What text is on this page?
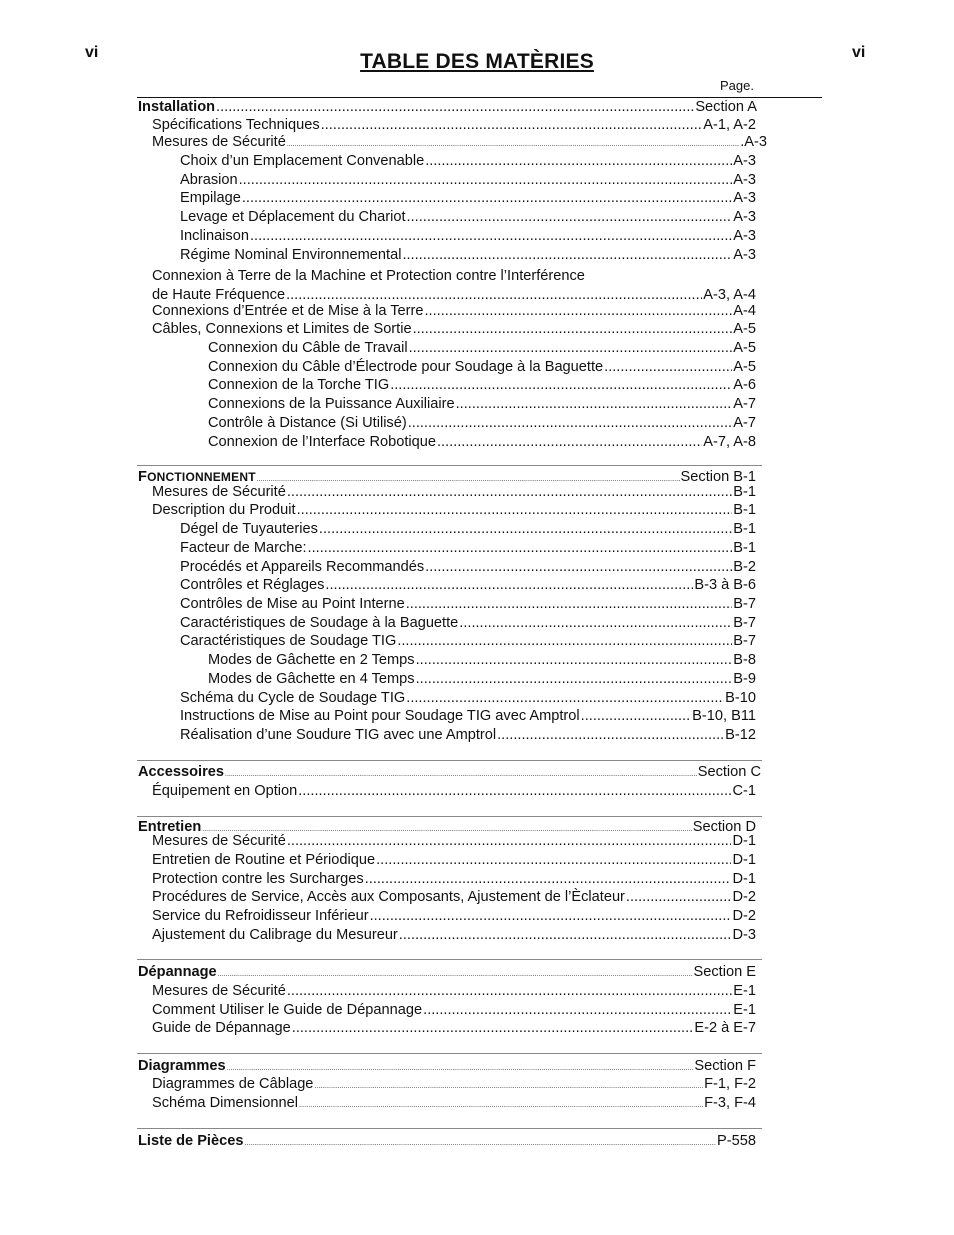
vi	vi
TABLE DES MATÈRIES
Page.
Installation .....	Section A
Spécifications Techniques .....	A-1, A-2
Mesures de Sécurité .....	.A-3
Choix d’un Emplacement Convenable .....	A-3
Abrasion .....	A-3
Empilage .....	A-3
Levage et Déplacement du Chariot .....	A-3
Inclinaison .....	A-3
Régime Nominal Environnemental .....	A-3
Connexion à Terre de la Machine et Protection contre l’Interférence
de Haute Fréquence .....	A-3, A-4
Connexions d’Entrée et de Mise à la Terre .....	A-4
Câbles, Connexions et Limites de Sortie .....	A-5
Connexion du Câble de Travail .....	A-5
Connexion du Câble d’Électrode pour Soudage à la Baguette .....	A-5
Connexion de la Torche TIG .....	A-6
Connexions de la Puissance Auxiliaire .....	A-7
Contrôle à Distance (Si Utilisé) .....	A-7
Connexion de l’Interface Robotique .....	A-7, A-8
FONCTIONNEMENT .....	Section B-1
Mesures de Sécurité .....	B-1
Description du Produit .....	B-1
Dégel de Tuyauteries .....	B-1
Facteur de Marche: .....	B-1
Procédés et Appareils Recommandés .....	B-2
Contrôles et Réglages .....	B-3 à B-6
Contrôles de Mise au Point Interne .....	B-7
Caractéristiques de Soudage à la Baguette .....	B-7
Caractéristiques de Soudage TIG .....	B-7
Modes de Gâchette en 2 Temps .....	B-8
Modes de Gâchette en 4 Temps .....	B-9
Schéma du Cycle de Soudage TIG .....	B-10
Instructions de Mise au Point pour Soudage TIG avec Amptrol .....	B-10, B11
Réalisation d’une Soudure TIG avec une Amptrol .....	B-12
Accessoires .....	Section C
Équipement en Option .....	C-1
Entretien .....	Section D
Mesures de Sécurité .....	D-1
Entretien de Routine et Périodique .....	D-1
Protection contre les Surcharges .....	D-1
Procédures de Service, Accès aux Composants, Ajustement de l’Èclateur .....	D-2
Service du Refroidisseur Inférieur .....	D-2
Ajustement du Calibrage du Mesureur .....	D-3
Dépannage .....	Section E
Mesures de Sécurité .....	E-1
Comment Utiliser le Guide de Dépannage .....	E-1
Guide de Dépannage .....	E-2 à E-7
Diagrammes .....	Section F
Diagrammes de Câblage .....	F-1, F-2
Schéma Dimensionnel .....	F-3, F-4
Liste de Pièces .....	P-558
